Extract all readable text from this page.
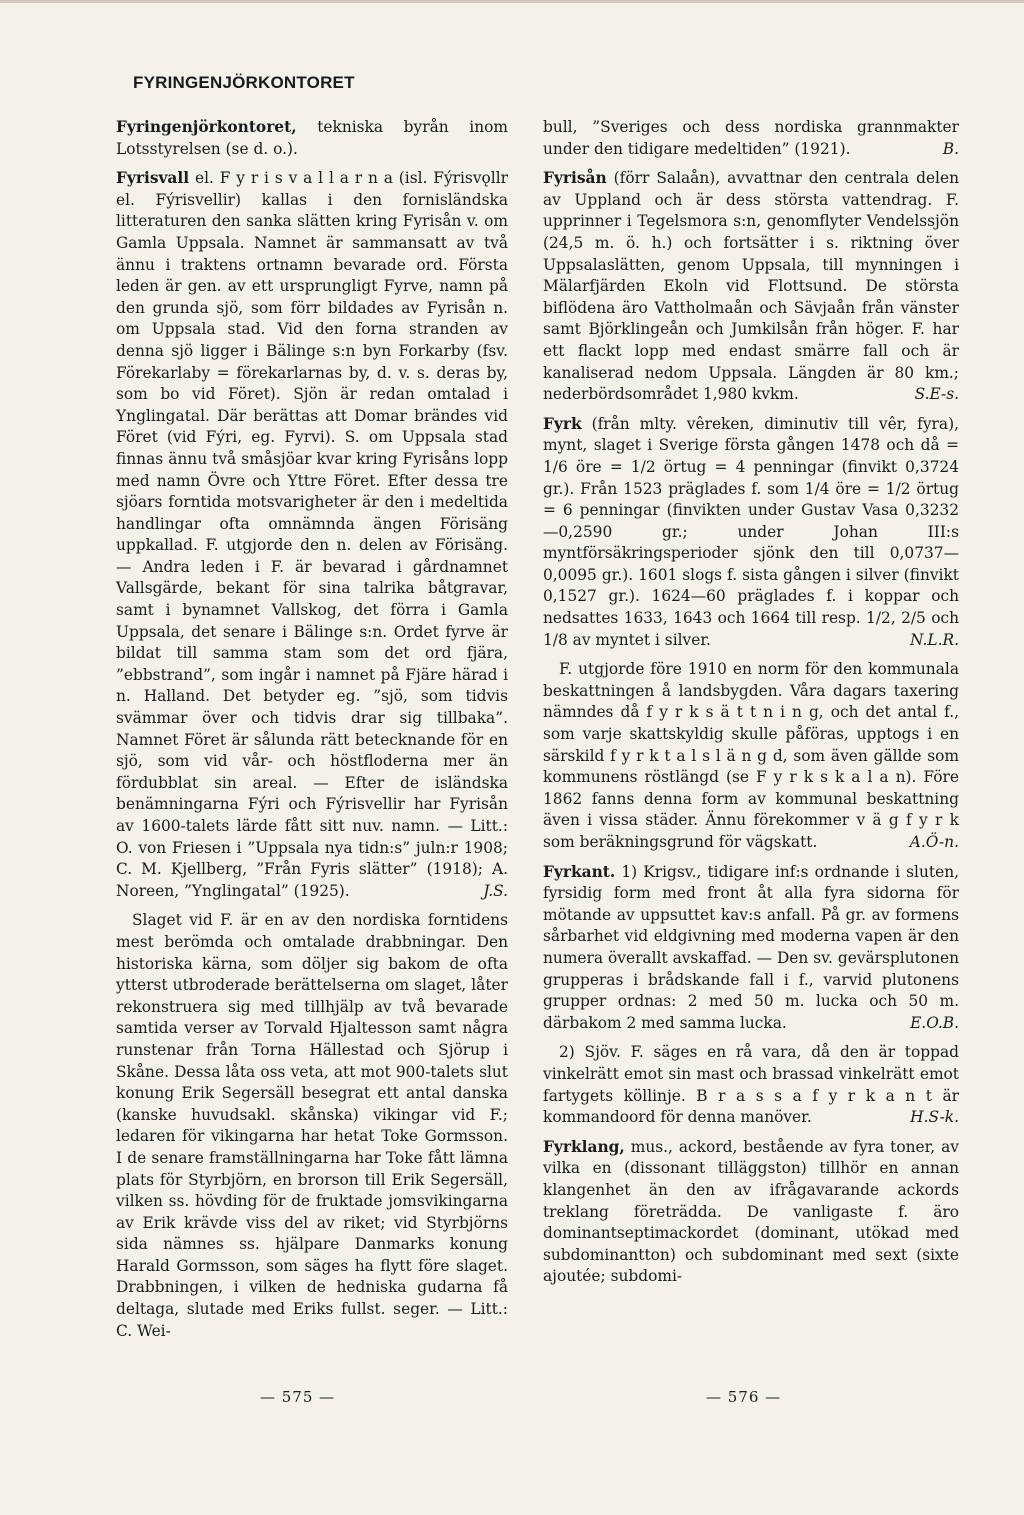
FYRINGENJÖRKONTORET

Fyringenjörkontoret, tekniska byrån inom Lotsstyrelsen (se d. o.).

Fyrisvall el. F y r i s v a l l a r n a (isl. Fýrisvǫllr el. Fýrisvellir) kallas i den fornisländska litteraturen den sanka slätten kring Fyrisån v. om Gamla Uppsala. Namnet är sammansatt av två ännu i traktens ortnamn bevarade ord. Första leden är gen. av ett ursprungligt Fyrve, namn på den grunda sjö, som förr bildades av Fyrisån n. om Uppsala stad. Vid den forna stranden av denna sjö ligger i Bälinge s:n byn Forkarby (fsv. Förekarlaby = förekarlarnas by, d. v. s. deras by, som bo vid Föret). Sjön är redan omtalad i Ynglingatal. Där berättas att Domar brändes vid Föret (vid Fýri, eg. Fyrvi). S. om Uppsala stad finnas ännu två småsjöar kvar kring Fyrisåns lopp med namn Övre och Yttre Föret. Efter dessa tre sjöars forntida motsvarigheter är den i medeltida handlingar ofta omnämnda ängen Förisäng uppkallad. F. utgjorde den n. delen av Förisäng. — Andra leden i F. är bevarad i gårdnamnet Vallsgärde, bekant för sina talrika båtgravar, samt i bynamnet Vallskog, det förra i Gamla Uppsala, det senare i Bälinge s:n. Ordet fyrve är bildat till samma stam som det ord fjära, ”ebbstrand”, som ingår i namnet på Fjäre härad i n. Halland. Det betyder eg. ”sjö, som tidvis svämmar över och tidvis drar sig tillbaka”. Namnet Föret är sålunda rätt betecknande för en sjö, som vid vår- och höstfloderna mer än fördubblat sin areal. — Efter de isländska benämningarna Fýri och Fýrisvellir har Fyrisån av 1600-talets lärde fått sitt nuv. namn. — Litt.: O. von Friesen i ”Uppsala nya tidn:s” juln:r 1908; C. M. Kjellberg, ”Från Fyris slätter” (1918); A. Noreen, ”Ynglingatal” (1925).	J.S.

Slaget vid F. är en av den nordiska forntidens mest berömda och omtalade drabbningar. Den historiska kärna, som döljer sig bakom de ofta ytterst utbroderade berättelserna om slaget, låter rekonstruera sig med tillhjälp av två bevarade samtida verser av Torvald Hjaltesson samt några runstenar från Torna Hällestad och Sjörup i Skåne. Dessa låta oss veta, att mot 900-talets slut konung Erik Segersäll besegrat ett antal danska (kanske huvudsakl. skånska) vikingar vid F.; ledaren för vikingarna har hetat Toke Gormsson. I de senare framställningarna har Toke fått lämna plats för Styrbjörn, en brorson till Erik Segersäll, vilken ss. hövding för de fruktade jomsvikingarna av Erik krävde viss del av riket; vid Styrbjörns sida nämnes ss. hjälpare Danmarks konung Harald Gormsson, som säges ha flytt före slaget. Drabbningen, i vilken de hedniska gudarna få deltaga, slutade med Eriks fullst. seger. — Litt.: C. Wei-

bull, ”Sveriges och dess nordiska grannmakter under den tidigare medeltiden” (1921).	B.

Fyrisån (förr Salaån), avvattnar den centrala delen av Uppland och är dess största vattendrag. F. upprinner i Tegelsmora s:n, genomflyter Vendelssjön (24,5 m. ö. h.) och fortsätter i s. riktning över Uppsalaslätten, genom Uppsala, till mynningen i Mälarfjärden Ekoln vid Flottsund. De största biflödena äro Vattholmaån och Sävjaån från vänster samt Björklingeån och Jumkilsån från höger. F. har ett flackt lopp med endast smärre fall och är kanaliserad nedom Uppsala. Längden är 80 km.; nederbördsområdet 1,980 kvkm.	S.E-s.

Fyrk (från mlty. vêreken, diminutiv till vêr, fyra), mynt, slaget i Sverige första gången 1478 och då = 1/6 öre = 1/2 örtug = 4 penningar (finvikt 0,3724 gr.). Från 1523 präglades f. som 1/4 öre = 1/2 örtug = 6 penningar (finvikten under Gustav Vasa 0,3232—0,2590 gr.; under Johan III:s myntförsäkringsperioder sjönk den till 0,0737—0,0095 gr.). 1601 slogs f. sista gången i silver (finvikt 0,1527 gr.). 1624—60 präglades f. i koppar och nedsattes 1633, 1643 och 1664 till resp. 1/2, 2/5 och 1/8 av myntet i silver.	N.L.R.

F. utgjorde före 1910 en norm för den kommunala beskattningen å landsbygden. Våra dagars taxering nämndes då f y r k s ä t t n i n g, och det antal f., som varje skattskyldig skulle påföras, upptogs i en särskild f y r k t a l s l ä n g d, som även gällde som kommunens röstlängd (se F y r k s k a l a n). Före 1862 fanns denna form av kommunal beskattning även i vissa städer. Ännu förekommer v ä g f y r k som beräkningsgrund för vägskatt.	A.Ö-n.

Fyrkant. 1) Krigsv., tidigare inf:s ordnande i sluten, fyrsidig form med front åt alla fyra sidorna för mötande av uppsuttet kav:s anfall. På gr. av formens sårbarhet vid eldgivning med moderna vapen är den numera överallt avskaffad. — Den sv. gevärsplutonen grupperas i brådskande fall i f., varvid plutonens grupper ordnas: 2 med 50 m. lucka och 50 m. därbakom 2 med samma lucka.	E.O.B.

2) Sjöv. F. säges en rå vara, då den är toppad vinkelrätt emot sin mast och brassad vinkelrätt emot fartygets köllinje. B r a s s a f y r k a n t är kommandoord för denna manöver.	H.S-k.

Fyrklang, mus., ackord, bestående av fyra toner, av vilka en (dissonant tilläggston) tillhör en annan klangenhet än den av ifrågavarande ackords treklang företrädda. De vanligaste f. äro dominantseptimackordet (dominant, utökad med subdominantton) och subdominant med sext (sixte ajoutée; subdomi-

— 575 —	— 576 —
